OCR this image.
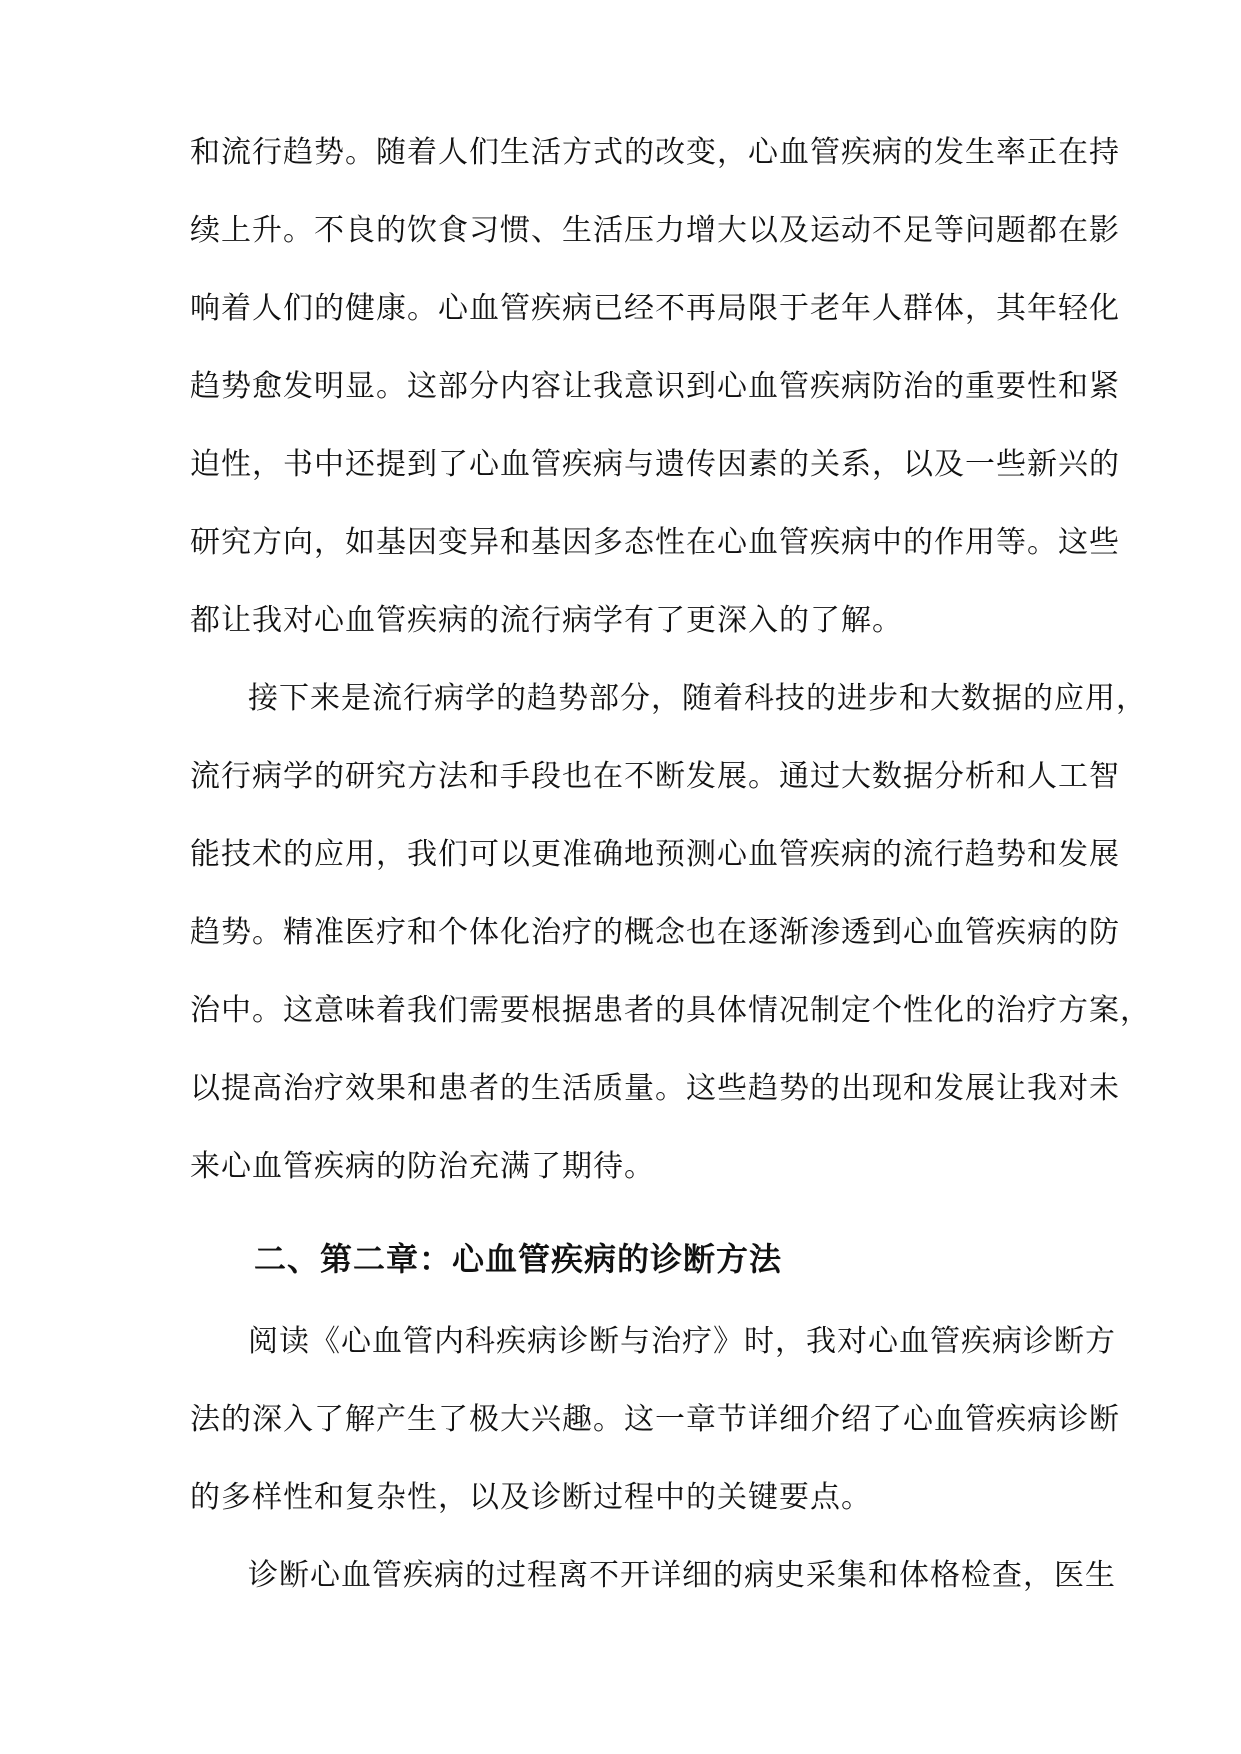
和流行趋势。随着人们生活方式的改变，心血管疾病的发生率正在持
续上升。不良的饮食习惯、生活压力增大以及运动不足等问题都在影
响着人们的健康。心血管疾病已经不再局限于老年人群体，其年轻化
趋势愈发明显。这部分内容让我意识到心血管疾病防治的重要性和紧
迫性，书中还提到了心血管疾病与遗传因素的关系，以及一些新兴的
研究方向，如基因变异和基因多态性在心血管疾病中的作用等。这些
都让我对心血管疾病的流行病学有了更深入的了解。
接下来是流行病学的趋势部分，随着科技的进步和大数据的应用，
流行病学的研究方法和手段也在不断发展。通过大数据分析和人工智
能技术的应用，我们可以更准确地预测心血管疾病的流行趋势和发展
趋势。精准医疗和个体化治疗的概念也在逐渐渗透到心血管疾病的防
治中。这意味着我们需要根据患者的具体情况制定个性化的治疗方案，
以提高治疗效果和患者的生活质量。这些趋势的出现和发展让我对未
来心血管疾病的防治充满了期待。
二、第二章：心血管疾病的诊断方法
阅读《心血管内科疾病诊断与治疗》时，我对心血管疾病诊断方
法的深入了解产生了极大兴趣。这一章节详细介绍了心血管疾病诊断
的多样性和复杂性，以及诊断过程中的关键要点。
诊断心血管疾病的过程离不开详细的病史采集和体格检查，医生
